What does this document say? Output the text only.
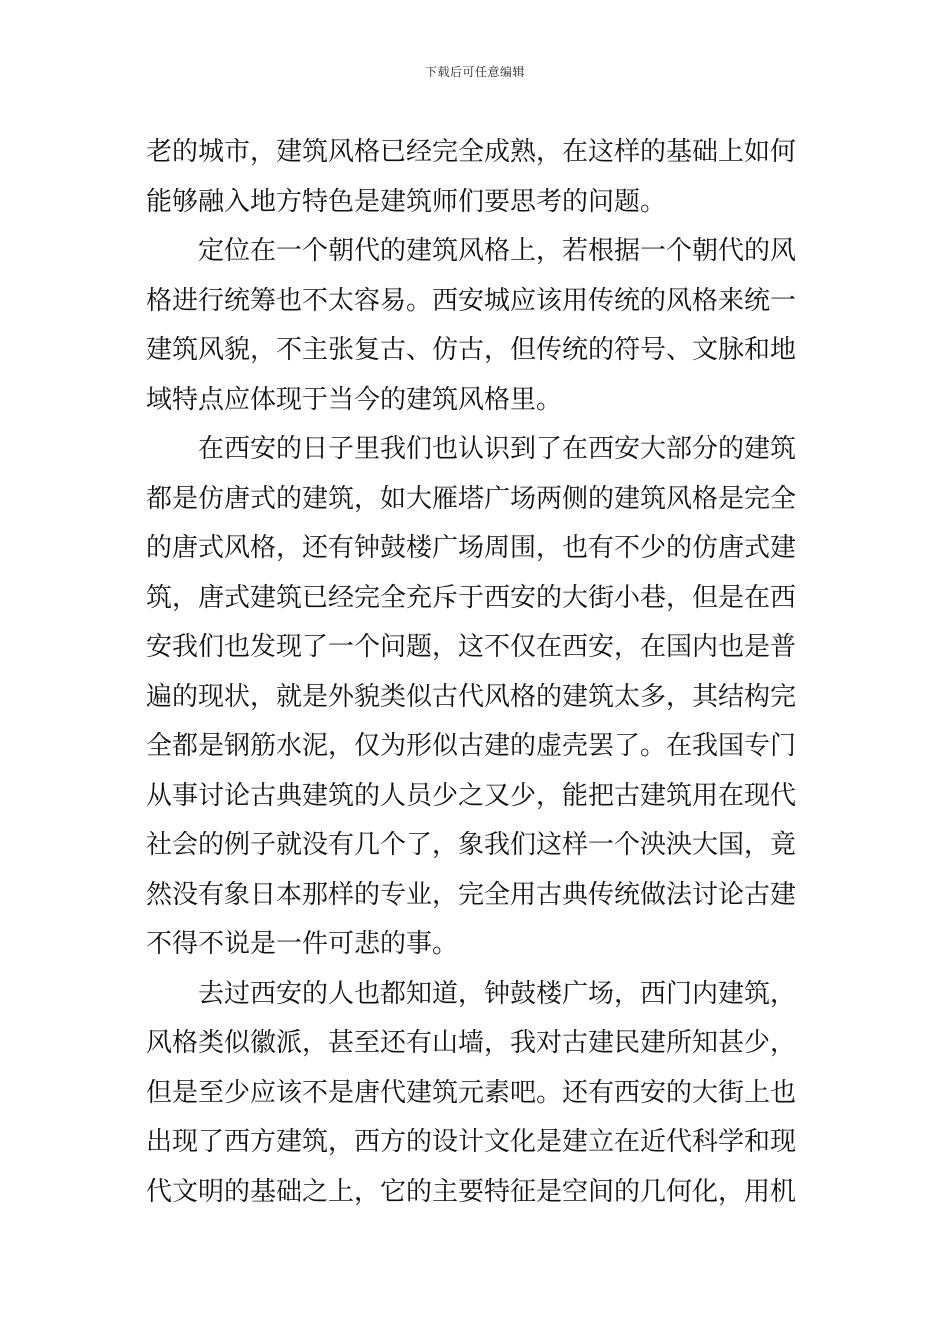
下载后可任意编辑
老的城市，建筑风格已经完全成熟，在这样的基础上如何
能够融入地方特色是建筑师们要思考的问题。
　　定位在一个朝代的建筑风格上，若根据一个朝代的风
格进行统筹也不太容易。西安城应该用传统的风格来统一
建筑风貌，不主张复古、仿古，但传统的符号、文脉和地
域特点应体现于当今的建筑风格里。
　　在西安的日子里我们也认识到了在西安大部分的建筑
都是仿唐式的建筑，如大雁塔广场两侧的建筑风格是完全
的唐式风格，还有钟鼓楼广场周围，也有不少的仿唐式建
筑，唐式建筑已经完全充斥于西安的大街小巷，但是在西
安我们也发现了一个问题，这不仅在西安，在国内也是普
遍的现状，就是外貌类似古代风格的建筑太多，其结构完
全都是钢筋水泥，仅为形似古建的虚壳罢了。在我国专门
从事讨论古典建筑的人员少之又少，能把古建筑用在现代
社会的例子就没有几个了，象我们这样一个泱泱大国，竟
然没有象日本那样的专业，完全用古典传统做法讨论古建
不得不说是一件可悲的事。
　　去过西安的人也都知道，钟鼓楼广场，西门内建筑，
风格类似徽派，甚至还有山墙，我对古建民建所知甚少，
但是至少应该不是唐代建筑元素吧。还有西安的大街上也
出现了西方建筑，西方的设计文化是建立在近代科学和现
代文明的基础之上，它的主要特征是空间的几何化，用机
